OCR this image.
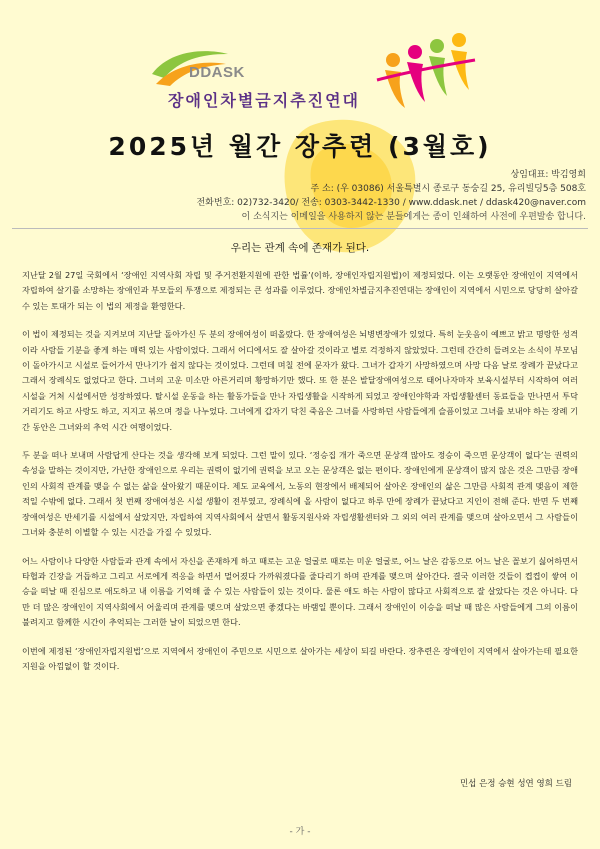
DDASK
장애인차별금지추진연대
2025년 월간 장추련 (3월호)
상임대표: 박김영희
주 소: (우 03086) 서울특별시 종로구 동숭길 25, 유리빌딩5층 508호
전화번호: 02)732-3420/ 전송: 0303-3442-1330 / www.ddask.net / ddask420@naver.com
이 소식지는 이메일을 사용하지 않는 분들에게는 종이 인쇄하여 사전에 우편발송 합니다.
우리는 관계 속에 존재가 된다.

지난달 2월 27일 국회에서 ‘장애인 지역사회 자립 및 주거전환지원에 관한 법률’(이하, 장애인자립지원법)이 제정되었다. 이는 오랫동안 장애인이 지역에서 자립하여 살기를 소망하는 장애인과 부모들의 투쟁으로 제정되는 큰 성과를 이루었다. 장애인차별금지추진연대는 장애인이 지역에서 시민으로 당당히 살아갈 수 있는 토대가 되는 이 법의 제정을 환영한다.

이 법이 제정되는 것을 지켜보며 지난달 돌아가신 두 분의 장애여성이 떠올랐다. 한 장애여성은 뇌병변장애가 있었다. 특히 눈웃음이 예쁘고 밝고 명랑한 성격이라 사람들 기분을 좋게 하는 매력 있는 사람이었다. 그래서 어디에서도 잘 살아갈 것이라고 별로 걱정하지 않았었다. 그런데 간간히 들려오는 소식이 부모님이 돌아가시고 시설로 들어가서 만나기가 쉽지 않다는 것이었다. 그런데 며칠 전에 문자가 왔다. 그녀가 갑자기 사망하였으며 사망 다음 날로 장례가 끝났다고 그래서 장례식도 없었다고 한다. 그녀의 고운 미소만 아른거리며 황망하기만 했다. 또 한 분은 발달장애여성으로 태어나자마자 보육시설부터 시작하여 여러 시설을 거쳐 시설에서만 성장하였다. 탈시설 운동을 하는 활동가들을 만나 자립생활을 시작하게 되었고 장애인야학과 자립생활센터 동료들을 만나면서 투닥거리기도 하고 사랑도 하고, 지지고 볶으며 정을 나누었다. 그녀에게 갑자기 닥친 죽음은 그녀를 사랑하던 사람들에게 슬픔이었고 그녀를 보내야 하는 장례 기간 동안은 그녀와의 추억 시간 여행이었다.

두 분을 떠나 보내며 사람답게 산다는 것을 생각해 보게 되었다. 그런 말이 있다. ‘정승집 개가 죽으면 문상객 많아도 정승이 죽으면 문상객이 없다’는 권력의 속성을 말하는 것이지만, 가난한 장애인으로 우리는 권력이 없기에 권력을 보고 오는 문상객은 없는 편이다. 장애인에게 문상객이 많지 않은 것은 그만큼 장애인의 사회적 관계를 맺을 수 없는 삶을 살아왔기 때문이다. 제도 교육에서, 노동의 현장에서 배제되어 살아온 장애인의 삶은 그만큼 사회적 관계 맺음이 제한적일 수밖에 없다. 그래서 첫 번째 장애여성은 시설 생활이 전부였고, 장례식에 올 사람이 없다고 하루 만에 장례가 끝났다고 지인이 전해 준다. 반면 두 번째 장애여성은 반세기를 시설에서 살았지만, 자립하여 지역사회에서 살면서 활동지원사와 자립생활센터와 그 외의 여러 관계를 맺으며 살아오면서 그 사람들이 그녀와 충분히 이별할 수 있는 시간을 가질 수 있었다.

어느 사람이나 다양한 사람들과 관계 속에서 자신을 존재하게 하고 때로는 고운 얼굴로 때로는 미운 얼굴로, 어느 날은 감동으로 어느 날은 꼴보기 싫어하면서 타협과 긴장을 거듭하고 그리고 서로에게 적응을 하면서 멀어졌다 가까워졌다를 줄다리기 하며 관계를 맺으며 살아간다. 결국 이러한 것들이 켭켭이 쌓여 이승을 떠날 때 진심으로 애도하고 내 이름을 기억해 줄 수 있는 사람들이 있는 것이다. 물론 애도 하는 사람이 많다고 사회적으로 잘 살았다는 것은 아니다. 다만 더 많은 장애인이 지역사회에서 어울리며 관계를 맺으며 살았으면 좋겠다는 바램일 뿐이다. 그래서 장애인이 이승을 떠날 때 많은 사람들에게 그의 이름이 불려지고 함께한 시간이 추억되는 그러한 날이 되었으면 한다.

이번에 제정된 ‘장애인자립지원법’으로 지역에서 장애인이 주민으로 시민으로 살아가는 세상이 되길 바란다. 장추련은 장애인이 지역에서 살아가는데 필요한 지원을 아낌없이 할 것이다.

민섭 은정 승현 성연 영희 드림
- 가 -
